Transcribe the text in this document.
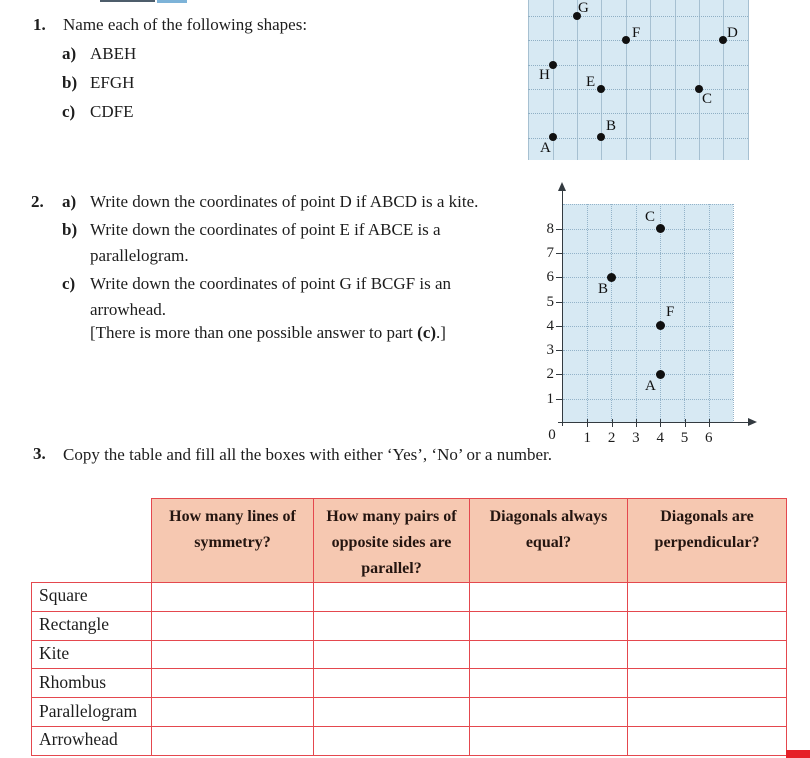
1. Name each of the following shapes:
a) ABEH
b) EFGH
c) CDFE
G
F	D
H E
C
A
B
2. a) Write down the coordinates of point D if ABCD is a kite.
b) Write down the coordinates of point E if ABCE is a parallelogram.
c) Write down the coordinates of point G if BCGF is an arrowhead.
[There is more than one possible answer to part (c).]
8
7
6
5
4
3
2
1
0 1 2 3 4 5 6
C
B
F
A
3. Copy the table and fill all the boxes with either ‘Yes’, ‘No’ or a number.
	How many lines of symmetry?	How many pairs of opposite sides are parallel?	Diagonals always equal?	Diagonals are perpendicular?
Square				
Rectangle				
Kite				
Rhombus				
Parallelogram				
Arrowhead				
